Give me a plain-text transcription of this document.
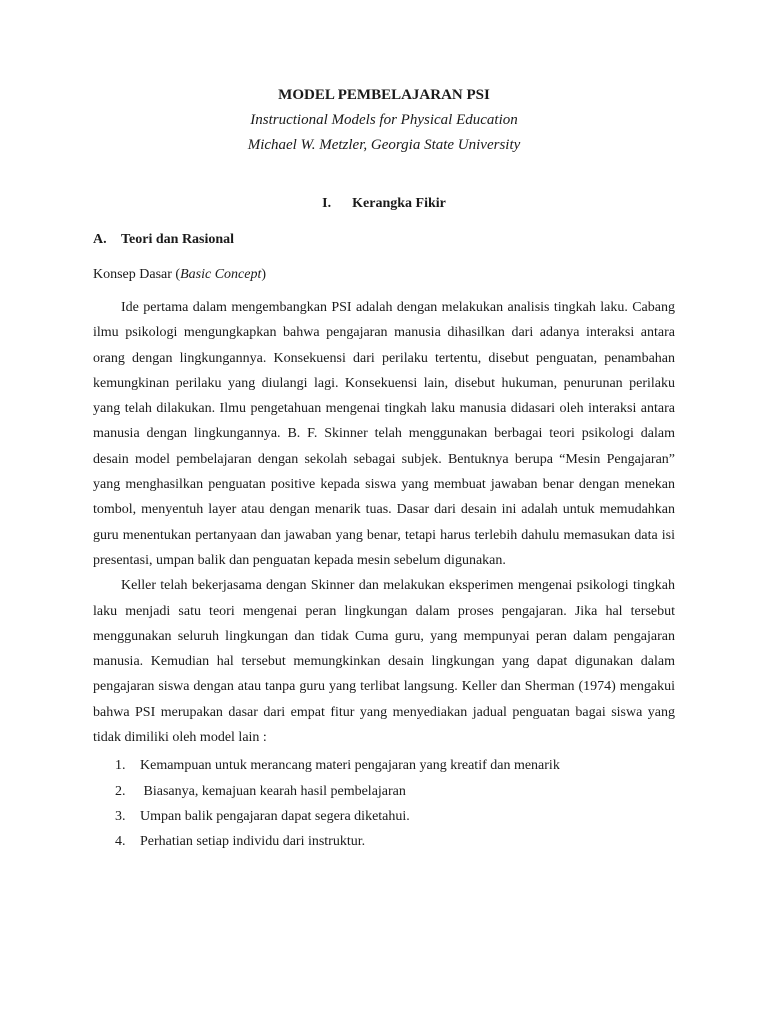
MODEL PEMBELAJARAN PSI

Instructional Models for Physical Education

Michael W. Metzler, Georgia State University

I. Kerangka Fikir

A. Teori dan Rasional

Konsep Dasar (Basic Concept)

Ide pertama dalam mengembangkan PSI adalah dengan melakukan analisis tingkah laku. Cabang ilmu psikologi mengungkapkan bahwa pengajaran manusia dihasilkan dari adanya interaksi antara orang dengan lingkungannya. Konsekuensi dari perilaku tertentu, disebut penguatan, penambahan kemungkinan perilaku yang diulangi lagi. Konsekuensi lain, disebut hukuman, penurunan perilaku yang telah dilakukan. Ilmu pengetahuan mengenai tingkah laku manusia didasari oleh interaksi antara manusia dengan lingkungannya. B. F. Skinner telah menggunakan berbagai teori psikologi dalam desain model pembelajaran dengan sekolah sebagai subjek. Bentuknya berupa “Mesin Pengajaran” yang menghasilkan penguatan positive kepada siswa yang membuat jawaban benar dengan menekan tombol, menyentuh layer atau dengan menarik tuas. Dasar dari desain ini adalah untuk memudahkan guru menentukan pertanyaan dan jawaban yang benar, tetapi harus terlebih dahulu memasukan data isi presentasi, umpan balik dan penguatan kepada mesin sebelum digunakan.

Keller telah bekerjasama dengan Skinner dan melakukan eksperimen mengenai psikologi tingkah laku menjadi satu teori mengenai peran lingkungan dalam proses pengajaran. Jika hal tersebut menggunakan seluruh lingkungan dan tidak Cuma guru, yang mempunyai peran dalam pengajaran manusia. Kemudian hal tersebut memungkinkan desain lingkungan yang dapat digunakan dalam pengajaran siswa dengan atau tanpa guru yang terlibat langsung. Keller dan Sherman (1974) mengakui bahwa PSI merupakan dasar dari empat fitur yang menyediakan jadual penguatan bagai siswa yang tidak dimiliki oleh model lain :

1. Kemampuan untuk merancang materi pengajaran yang kreatif dan menarik
2. Biasanya, kemajuan kearah hasil pembelajaran
3. Umpan balik pengajaran dapat segera diketahui.
4. Perhatian setiap individu dari instruktur.
